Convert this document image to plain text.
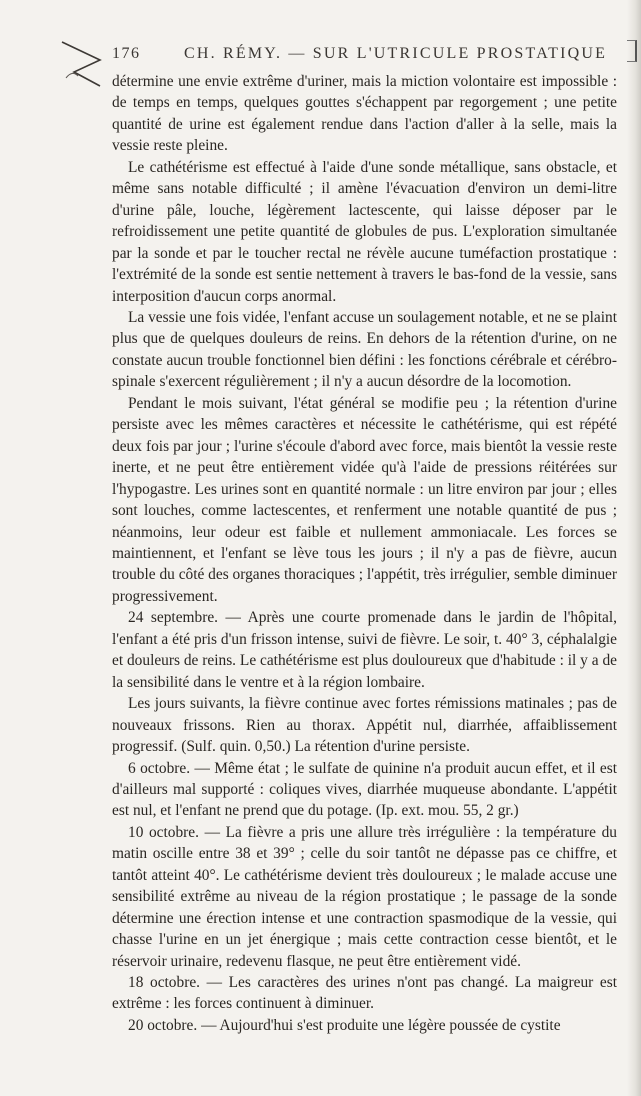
176	CH. RÉMY. — SUR L'UTRICULE PROSTATIQUE

détermine une envie extrême d'uriner, mais la miction volontaire est impossible : de temps en temps, quelques gouttes s'échappent par regorgement ; une petite quantité de urine est également rendue dans l'action d'aller à la selle, mais la vessie reste pleine.

Le cathétérisme est effectué à l'aide d'une sonde métallique, sans obstacle, et même sans notable difficulté ; il amène l'évacuation d'environ un demi-litre d'urine pâle, louche, légèrement lactescente, qui laisse déposer par le refroidissement une petite quantité de globules de pus. L'exploration simultanée par la sonde et par le toucher rectal ne révèle aucune tuméfaction prostatique : l'extrémité de la sonde est sentie nettement à travers le bas-fond de la vessie, sans interposition d'aucun corps anormal.

La vessie une fois vidée, l'enfant accuse un soulagement notable, et ne se plaint plus que de quelques douleurs de reins. En dehors de la rétention d'urine, on ne constate aucun trouble fonctionnel bien défini : les fonctions cérébrale et cérébro-spinale s'exercent régulièrement ; il n'y a aucun désordre de la locomotion.

Pendant le mois suivant, l'état général se modifie peu ; la rétention d'urine persiste avec les mêmes caractères et nécessite le cathétérisme, qui est répété deux fois par jour ; l'urine s'écoule d'abord avec force, mais bientôt la vessie reste inerte, et ne peut être entièrement vidée qu'à l'aide de pressions réitérées sur l'hypogastre. Les urines sont en quantité normale : un litre environ par jour ; elles sont louches, comme lactescentes, et renferment une notable quantité de pus ; néanmoins, leur odeur est faible et nullement ammoniacale. Les forces se maintiennent, et l'enfant se lève tous les jours ; il n'y a pas de fièvre, aucun trouble du côté des organes thoraciques ; l'appétit, très irrégulier, semble diminuer progressivement.

24 septembre. — Après une courte promenade dans le jardin de l'hôpital, l'enfant a été pris d'un frisson intense, suivi de fièvre. Le soir, t. 40° 3, céphalalgie et douleurs de reins. Le cathétérisme est plus douloureux que d'habitude : il y a de la sensibilité dans le ventre et à la région lombaire.

Les jours suivants, la fièvre continue avec fortes rémissions matinales ; pas de nouveaux frissons. Rien au thorax. Appétit nul, diarrhée, affaiblissement progressif. (Sulf. quin. 0,50.) La rétention d'urine persiste.

6 octobre. — Même état ; le sulfate de quinine n'a produit aucun effet, et il est d'ailleurs mal supporté : coliques vives, diarrhée muqueuse abondante. L'appétit est nul, et l'enfant ne prend que du potage. (Ip. ext. mou. 55, 2 gr.)

10 octobre. — La fièvre a pris une allure très irrégulière : la température du matin oscille entre 38 et 39° ; celle du soir tantôt ne dépasse pas ce chiffre, et tantôt atteint 40°. Le cathétérisme devient très douloureux ; le malade accuse une sensibilité extrême au niveau de la région prostatique ; le passage de la sonde détermine une érection intense et une contraction spasmodique de la vessie, qui chasse l'urine en un jet énergique ; mais cette contraction cesse bientôt, et le réservoir urinaire, redevenu flasque, ne peut être entièrement vidé.

18 octobre. — Les caractères des urines n'ont pas changé. La maigreur est extrême : les forces continuent à diminuer.

20 octobre. — Aujourd'hui s'est produite une légère poussée de cystite
